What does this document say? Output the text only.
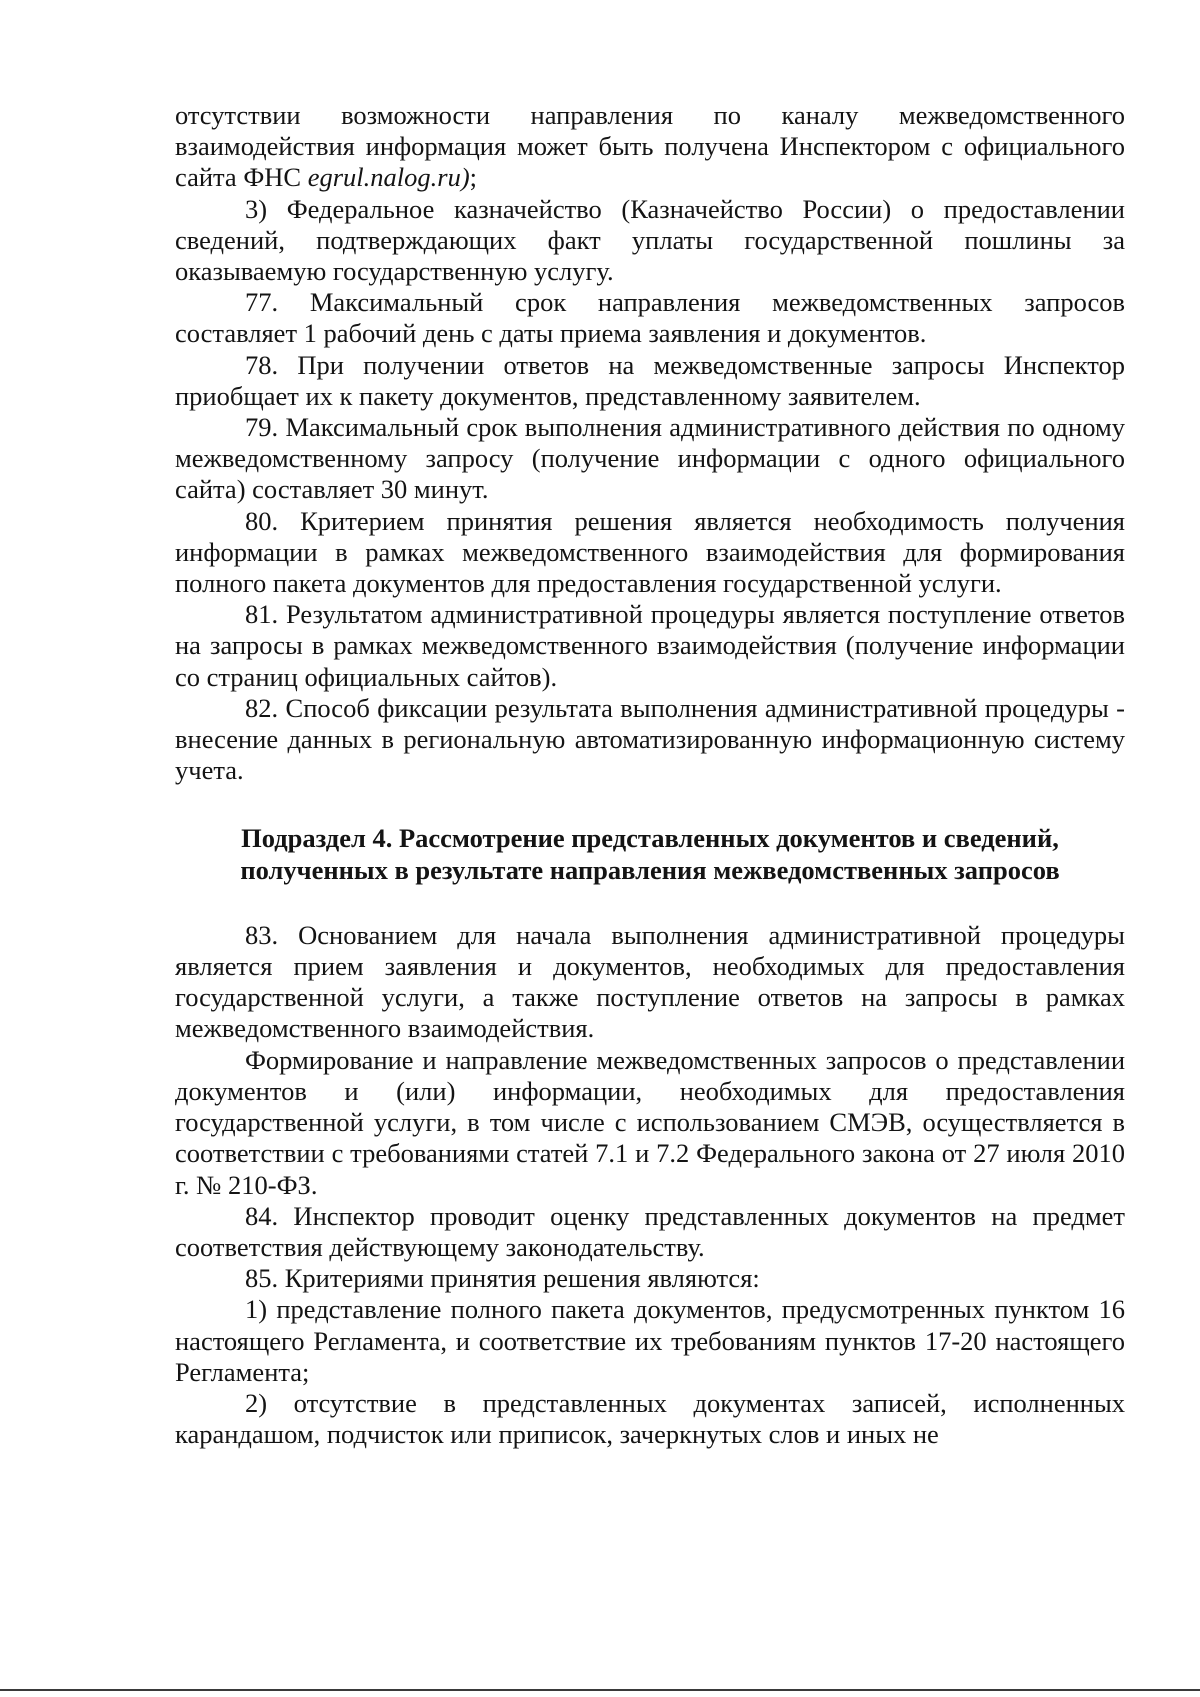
отсутствии возможности направления по каналу межведомственного взаимодействия информация может быть получена Инспектором с официального сайта ФНС egrul.nalog.ru);

3) Федеральное казначейство (Казначейство России) о предоставлении сведений, подтверждающих факт уплаты государственной пошлины за оказываемую государственную услугу.

77. Максимальный срок направления межведомственных запросов составляет 1 рабочий день с даты приема заявления и документов.

78. При получении ответов на межведомственные запросы Инспектор приобщает их к пакету документов, представленному заявителем.

79. Максимальный срок выполнения административного действия по одному межведомственному запросу (получение информации с одного официального сайта) составляет 30 минут.

80. Критерием принятия решения является необходимость получения информации в рамках межведомственного взаимодействия для формирования полного пакета документов для предоставления государственной услуги.

81. Результатом административной процедуры является поступление ответов на запросы в рамках межведомственного взаимодействия (получение информации со страниц официальных сайтов).

82. Способ фиксации результата выполнения административной процедуры - внесение данных в региональную автоматизированную информационную систему учета.

Подраздел 4. Рассмотрение представленных документов и сведений,

полученных в результате направления межведомственных запросов

83. Основанием для начала выполнения административной процедуры является прием заявления и документов, необходимых для предоставления государственной услуги, а также поступление ответов на запросы в рамках межведомственного взаимодействия.

Формирование и направление межведомственных запросов о представлении документов и (или) информации, необходимых для предоставления государственной услуги, в том числе с использованием СМЭВ, осуществляется в соответствии с требованиями статей 7.1 и 7.2 Федерального закона от 27 июля 2010 г. № 210-ФЗ.

84. Инспектор проводит оценку представленных документов на предмет соответствия действующему законодательству.

85. Критериями принятия решения являются:

1) представление полного пакета документов, предусмотренных пунктом 16 настоящего Регламента, и соответствие их требованиям пунктов 17-20 настоящего Регламента;

2) отсутствие в представленных документах записей, исполненных карандашом, подчисток или приписок, зачеркнутых слов и иных не
